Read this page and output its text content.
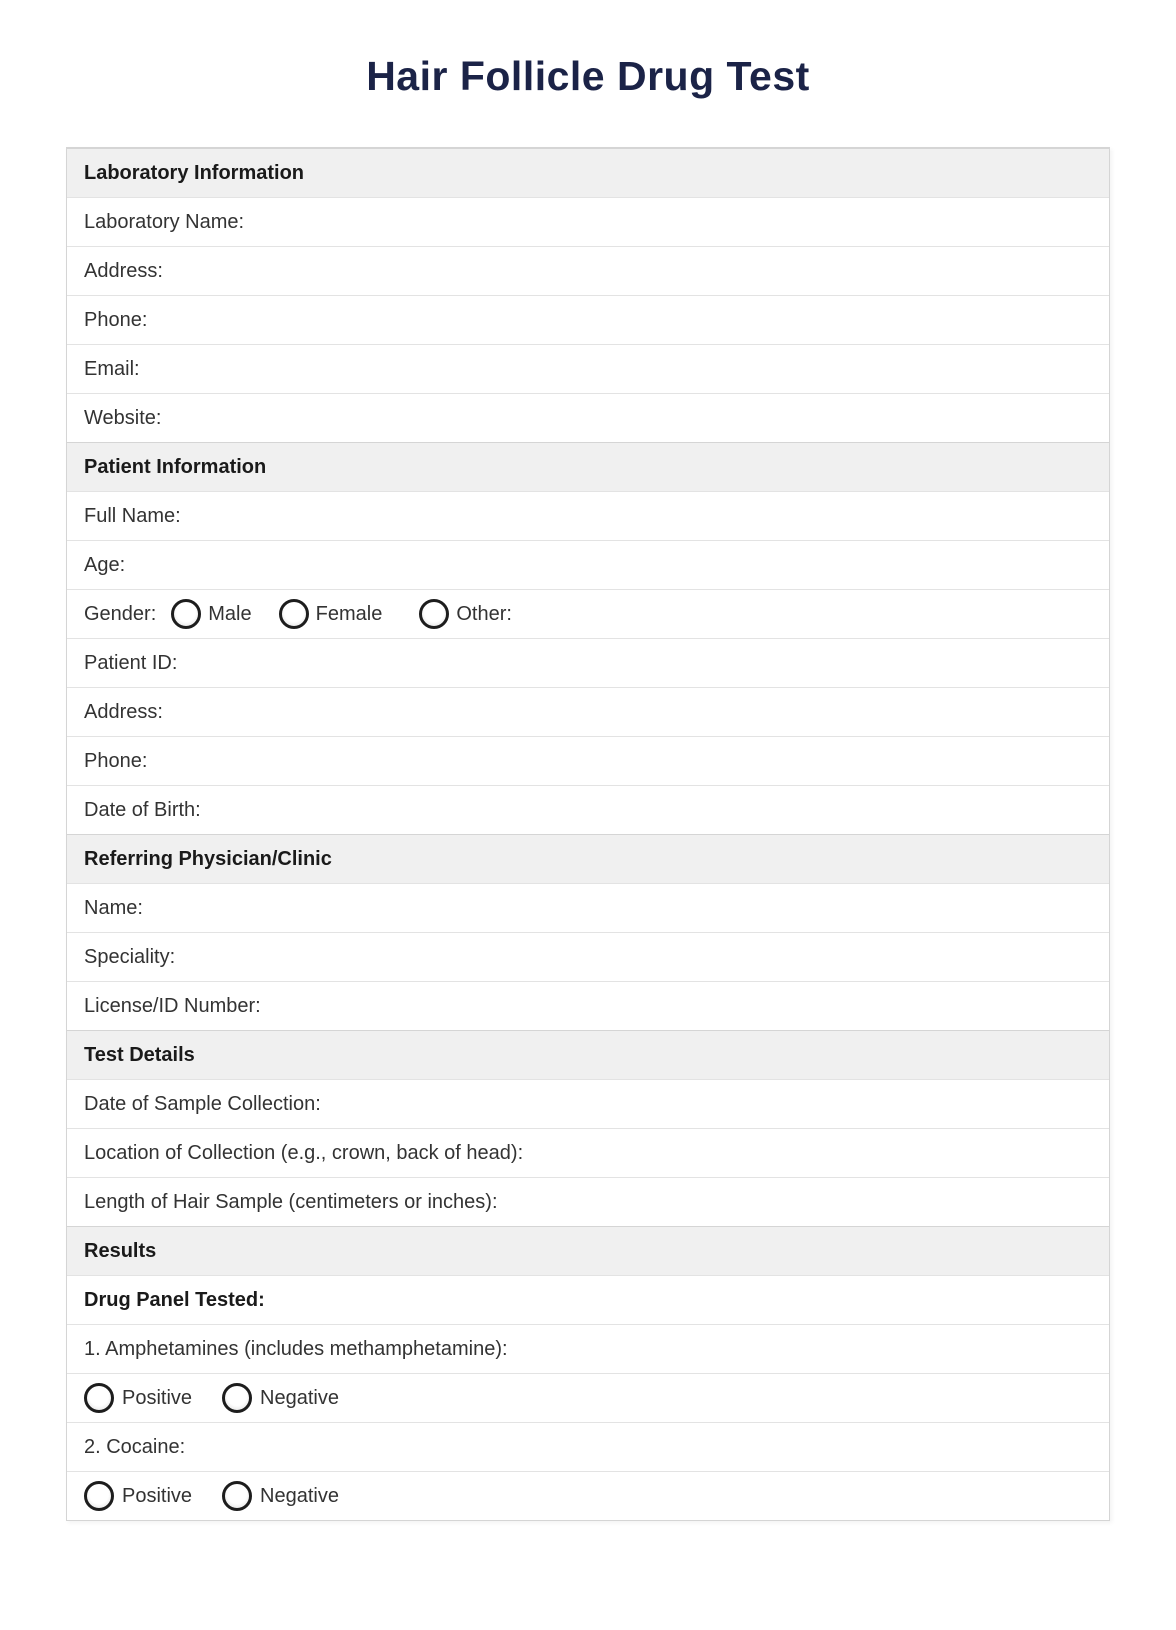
Hair Follicle Drug Test
Laboratory Information
Laboratory Name:
Address:
Phone:
Email:
Website:
Patient Information
Full Name:
Age:
Gender:	Male	Female	Other:
Patient ID:
Address:
Phone:
Date of Birth:
Referring Physician/Clinic
Name:
Speciality:
License/ID Number:
Test Details
Date of Sample Collection:
Location of Collection (e.g., crown, back of head):
Length of Hair Sample (centimeters or inches):
Results
Drug Panel Tested:
1. Amphetamines (includes methamphetamine):
Positive	Negative
2. Cocaine:
Positive	Negative
